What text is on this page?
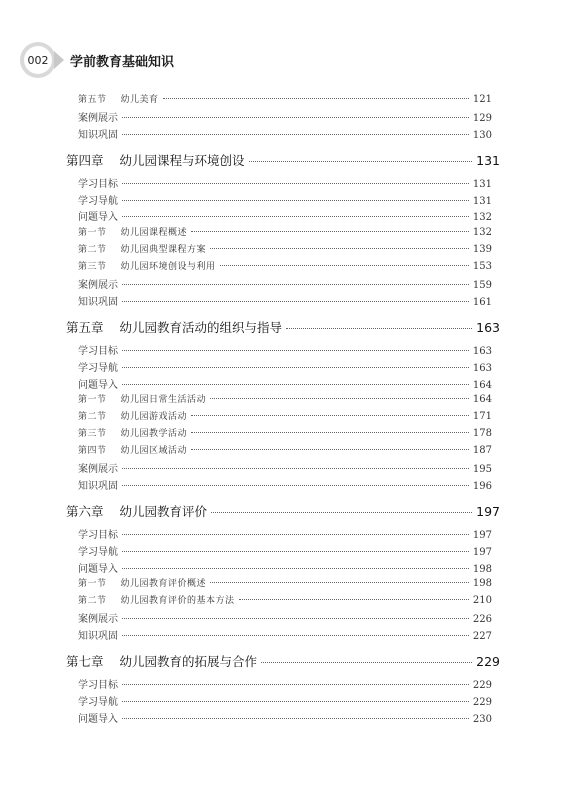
002 学前教育基础知识
第五节 幼儿美育	121
案例展示	129
知识巩固	130
第四章 幼儿园课程与环境创设	131
学习目标	131
学习导航	131
问题导入	132
第一节 幼儿园课程概述	132
第二节 幼儿园典型课程方案	139
第三节 幼儿园环境创设与利用	153
案例展示	159
知识巩固	161
第五章 幼儿园教育活动的组织与指导	163
学习目标	163
学习导航	163
问题导入	164
第一节 幼儿园日常生活活动	164
第二节 幼儿园游戏活动	171
第三节 幼儿园教学活动	178
第四节 幼儿园区域活动	187
案例展示	195
知识巩固	196
第六章 幼儿园教育评价	197
学习目标	197
学习导航	197
问题导入	198
第一节 幼儿园教育评价概述	198
第二节 幼儿园教育评价的基本方法	210
案例展示	226
知识巩固	227
第七章 幼儿园教育的拓展与合作	229
学习目标	229
学习导航	229
问题导入	230
